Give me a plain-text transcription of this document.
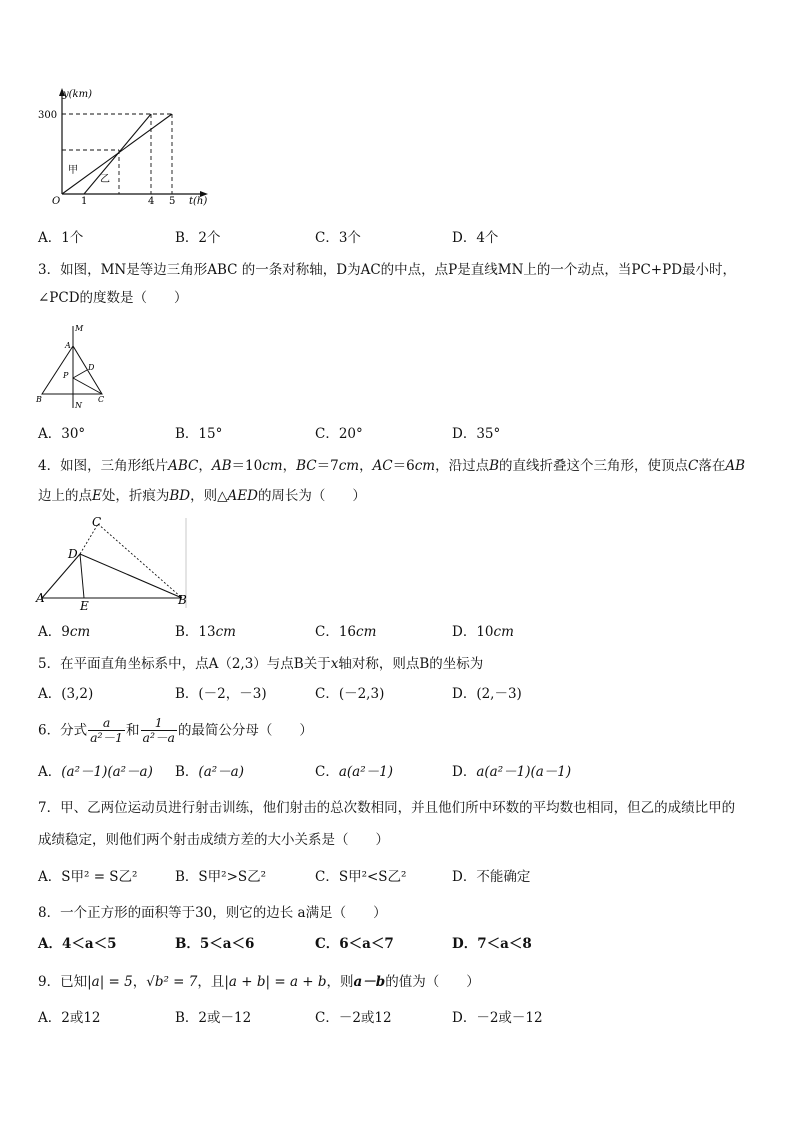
y(km)
300
O 1	4 5 t(h)
甲
乙
A．1个	B．2个	C．3个	D．4个
3．如图，MN是等边三角形ABC 的一条对称轴，D为AC的中点，点P是直线MN上的一个动点，当PC+PD最小时，
∠PCD的度数是（　　）
M
A
P
D
B
N
C
A．30°	B．15°	C．20°	D．35°
4．如图，三角形纸片ABC，AB＝10cm，BC＝7cm，AC＝6cm，沿过点B的直线折叠这个三角形，使顶点C落在AB
边上的点E处，折痕为BD，则△AED的周长为（　　）
C
D
A
E	B
A．9cm	B．13cm	C．16cm	D．10cm
5．在平面直角坐标系中，点A（2,3）与点B关于x轴对称，则点B的坐标为
A．(3,2)	B．(－2，－3)	C．(－2,3)	D．(2,－3)
6．分式 $\frac{a}{\text{a²－1}}$ 和 $\frac{1}{\text{a²－a}}$ 的最简公分母（　　）
A．(a²－1)(a²－a) B．(a²－a)	C．a(a²－1)	D．a(a²－1)(a－1)
7．甲、乙两位运动员进行射击训练，他们射击的总次数相同，并且他们所中环数的平均数也相同，但乙的成绩比甲的
成绩稳定，则他们两个射击成绩方差的大小关系是（　　）
A．S甲² = S乙²	B．S甲²>S乙²	C．S甲²<S乙²	D．不能确定
8．一个正方形的面积等于30，则它的边长 a满足（　　）
A．4＜a＜5	B．5＜a＜6	C．6＜a＜7	D．7＜a＜8
9．已知|a| = 5，√b² = 7，且|a + b| = a + b，则a－b的值为（　　）
A．2或12	B．2或－12	C．－2或12	D．－2或－12
